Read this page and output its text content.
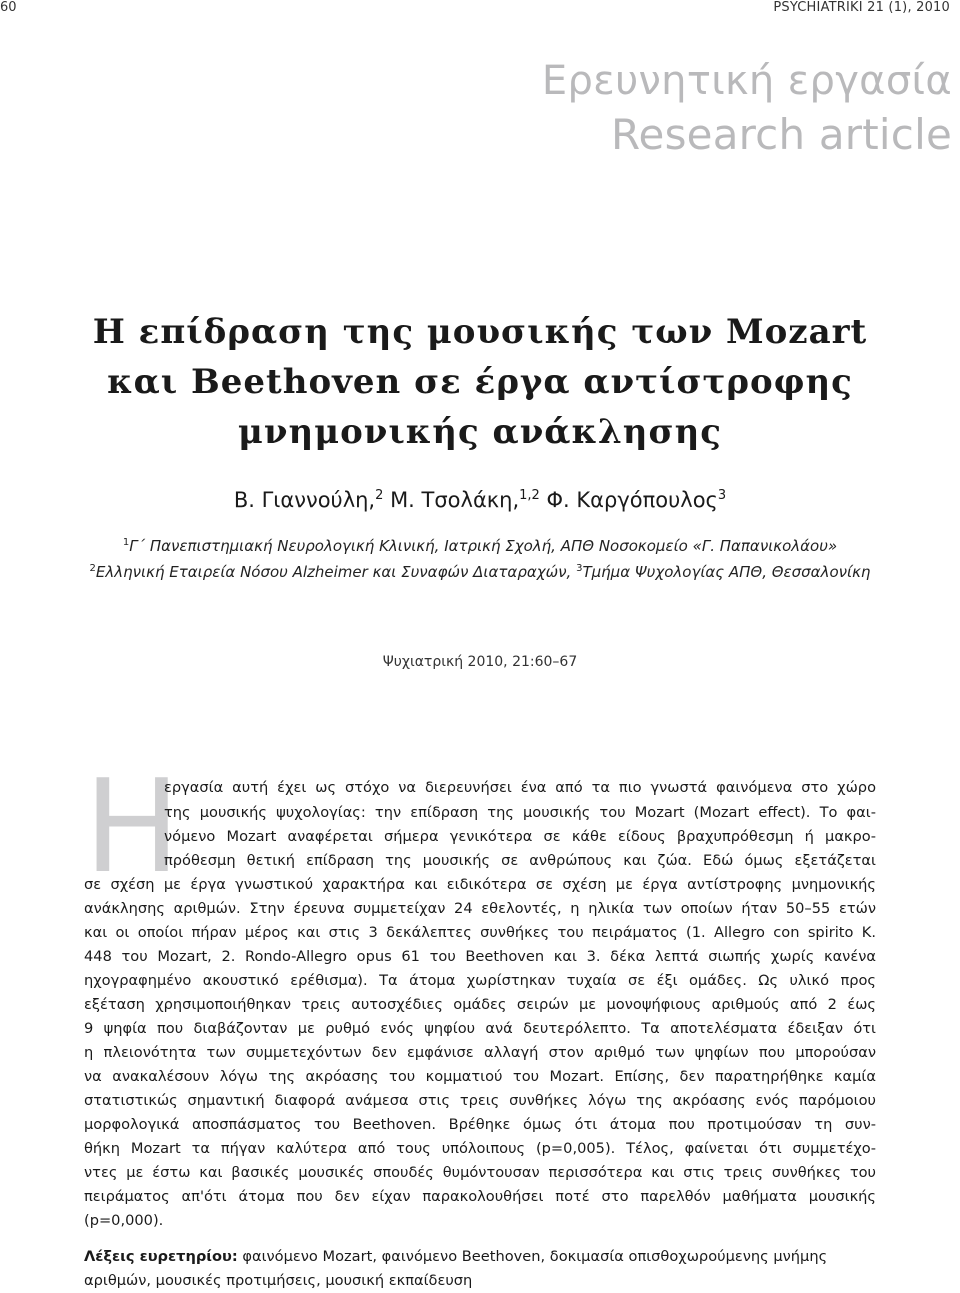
60	PSYCHIATRIKI 21 (1), 2010
Ερευνητική εργασία
Research article
Η επίδραση της μουσικής των Mozart
και Beethoven σε έργα αντίστροφης
μνημονικής ανάκλησης
Β. Γιαννούλη,$^2$ Μ. Τσολάκη,$^{1,2}$ Φ. Καργόπουλος$^3$
$^1$Γ΄ Πανεπιστημιακή Νευρολογική Κλινική, Ιατρική Σχολή, ΑΠΘ Νοσοκομείο «Γ. Παπανικολάου»
$^2$Ελληνική Εταιρεία Νόσου Alzheimer και Συναφών Διαταραχών, $^3$Τμήμα Ψυχολογίας ΑΠΘ, Θεσσαλονίκη
Ψυχιατρική 2010, 21:60–67
Η
εργασία αυτή έχει ως στόχο να διερευνήσει ένα από τα πιο γνωστά φαινόμενα στο χώρο
της μουσικής ψυχολογίας: την επίδραση της μουσικής του Mozart (Mozart effect). Το φαι-
νόμενο Mozart αναφέρεται σήμερα γενικότερα σε κάθε είδους βραχυπρόθεσμη ή μακρο-
πρόθεσμη θετική επίδραση της μουσικής σε ανθρώπους και ζώα. Εδώ όμως εξετάζεται
σε σχέση με έργα γνωστικού χαρακτήρα και ειδικότερα σε σχέση με έργα αντίστροφης μνημονικής
ανάκλησης αριθμών. Στην έρευνα συμμετείχαν 24 εθελοντές, η ηλικία των οποίων ήταν 50–55 ετών
και οι οποίοι πήραν μέρος και στις 3 δεκάλεπτες συνθήκες του πειράματος (1. Allegro con spirito K.
448 του Mozart, 2. Rondo-Allegro opus 61 του Beethoven και 3. δέκα λεπτά σιωπής χωρίς κανένα
ηχογραφημένο ακουστικό ερέθισμα). Τα άτομα χωρίστηκαν τυχαία σε έξι ομάδες. Ως υλικό προς
εξέταση χρησιμοποιήθηκαν τρεις αυτοσχέδιες ομάδες σειρών με μονοψήφιους αριθμούς από 2 έως
9 ψηφία που διαβάζονταν με ρυθμό ενός ψηφίου ανά δευτερόλεπτο. Τα αποτελέσματα έδειξαν ότι
η πλειονότητα των συμμετεχόντων δεν εμφάνισε αλλαγή στον αριθμό των ψηφίων που μπορούσαν
να ανακαλέσουν λόγω της ακρόασης του κομματιού του Mozart. Επίσης, δεν παρατηρήθηκε καμία
στατιστικώς σημαντική διαφορά ανάμεσα στις τρεις συνθήκες λόγω της ακρόασης ενός παρόμοιου
μορφολογικά αποσπάσματος του Beethoven. Βρέθηκε όμως ότι άτομα που προτιμούσαν τη συν-
θήκη Mozart τα πήγαν καλύτερα από τους υπόλοιπους (p=0,005). Τέλος, φαίνεται ότι συμμετέχο-
ντες με έστω και βασικές μουσικές σπουδές θυμόντουσαν περισσότερα και στις τρεις συνθήκες του
πειράματος απ'ότι άτομα που δεν είχαν παρακολουθήσει ποτέ στο παρελθόν μαθήματα μουσικής
(p=0,000).
Λέξεις ευρετηρίου: φαινόμενο Mozart, φαινόμενο Beethoven, δοκιμασία οπισθοχωρούμενης μνήμης
αριθμών, μουσικές προτιμήσεις, μουσική εκπαίδευση
